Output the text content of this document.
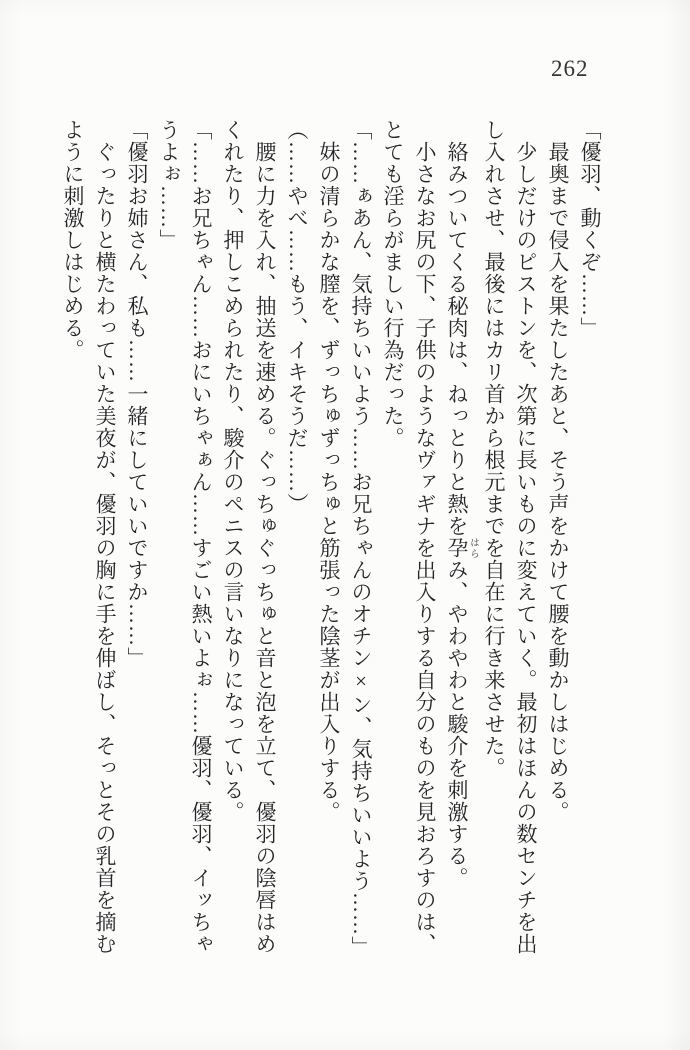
262

「優羽、動くぞ……」

　最奥まで侵入を果たしたあと、そう声をかけて腰を動かしはじめる。

　少しだけのピストンを、次第に長いものに変えていく。最初はほんの数センチを出し入れさせ、最後にはカリ首から根元までを自在に行き来させた。

　絡みついてくる秘肉は、ねっとりと熱を孕 はらみ、やわやわと駿介を刺激する。

　小さなお尻の下、子供のようなヴァギナを出入りする自分のものを見おろすのは、とても淫らがましい行為だった。

「……ぁあん、気持ちいいよう……お兄ちゃんのオチン×ン、気持ちいいよう……」

　妹の清らかな膣を、ずっちゅずっちゅと筋張った陰茎が出入りする。

（……やべ……もう、イキそうだ……）

　腰に力を入れ、抽送を速める。ぐっちゅぐっちゅと音と泡を立て、優羽の陰唇はめくれたり、押しこめられたり、駿介のペニスの言いなりになっている。

「……お兄ちゃん……おにいちゃぁん……すごい熱いよぉ……優羽、優羽、イッちゃうよぉ……」

「優羽お姉さん、私も……一緒にしていいですか……」

　ぐったりと横たわっていた美夜が、優羽の胸に手を伸ばし、そっとその乳首を摘むように刺激しはじめる。
